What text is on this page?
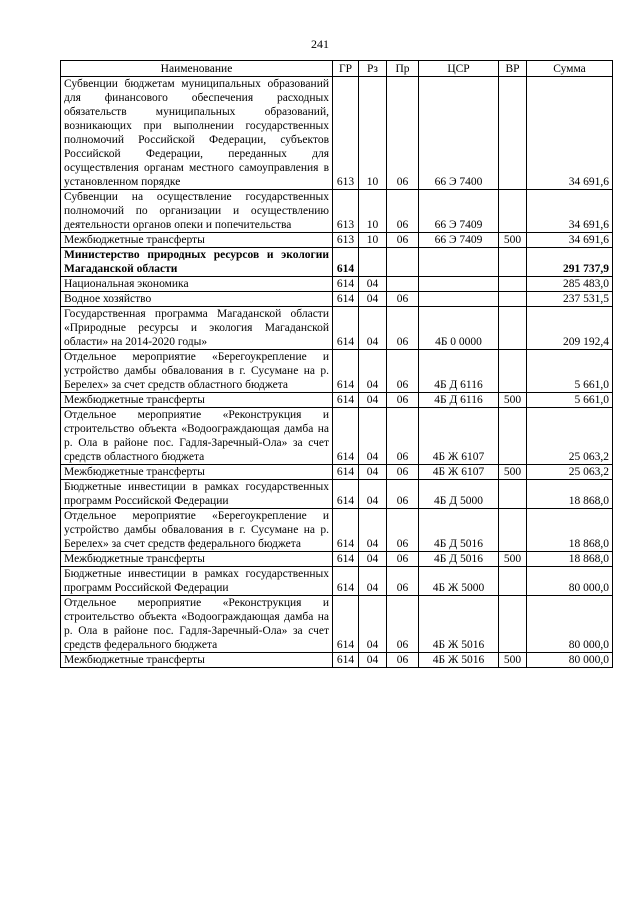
241
Наименование	ГР	Рз	Пр	ЦСР	ВР	Сумма
Субвенции бюджетам муниципальных образований для финансового обеспечения расходных обязательств муниципальных образований, возникающих при выполнении государственных полномочий Российской Федерации, субъектов Российской Федерации, переданных для осуществления органам местного самоуправления в установленном порядке	613	10	06	66 Э 7400		34 691,6
Субвенции на осуществление государственных полномочий по организации и осуществлению деятельности органов опеки и попечительства	613	10	06	66 Э 7409		34 691,6
Межбюджетные трансферты	613	10	06	66 Э 7409	500	34 691,6
Министерство природных ресурсов и экологии Магаданской области	614					291 737,9
Национальная экономика	614	04				285 483,0
Водное хозяйство	614	04	06			237 531,5
Государственная программа Магаданской области «Природные ресурсы и экология Магаданской области» на 2014-2020 годы»	614	04	06	4Б 0 0000		209 192,4
Отдельное мероприятие «Берегоукрепление и устройство дамбы обвалования в г. Сусумане на р. Берелех» за счет средств областного бюджета	614	04	06	4Б Д 6116		5 661,0
Межбюджетные трансферты	614	04	06	4Б Д 6116	500	5 661,0
Отдельное мероприятие «Реконструкция и строительство объекта «Водоограждающая дамба на р. Ола в районе пос. Гадля-Заречный-Ола» за счет средств областного бюджета	614	04	06	4Б Ж 6107		25 063,2
Межбюджетные трансферты	614	04	06	4Б Ж 6107	500	25 063,2
Бюджетные инвестиции в рамках государственных программ Российской Федерации	614	04	06	4Б Д 5000		18 868,0
Отдельное мероприятие «Берегоукрепление и устройство дамбы обвалования в г. Сусумане на р. Берелех» за счет средств федерального бюджета	614	04	06	4Б Д 5016		18 868,0
Межбюджетные трансферты	614	04	06	4Б Д 5016	500	18 868,0
Бюджетные инвестиции в рамках государственных программ Российской Федерации	614	04	06	4Б Ж 5000		80 000,0
Отдельное мероприятие «Реконструкция и строительство объекта «Водоограждающая дамба на р. Ола в районе пос. Гадля-Заречный-Ола» за счет средств федерального бюджета	614	04	06	4Б Ж 5016		80 000,0
Межбюджетные трансферты	614	04	06	4Б Ж 5016	500	80 000,0
